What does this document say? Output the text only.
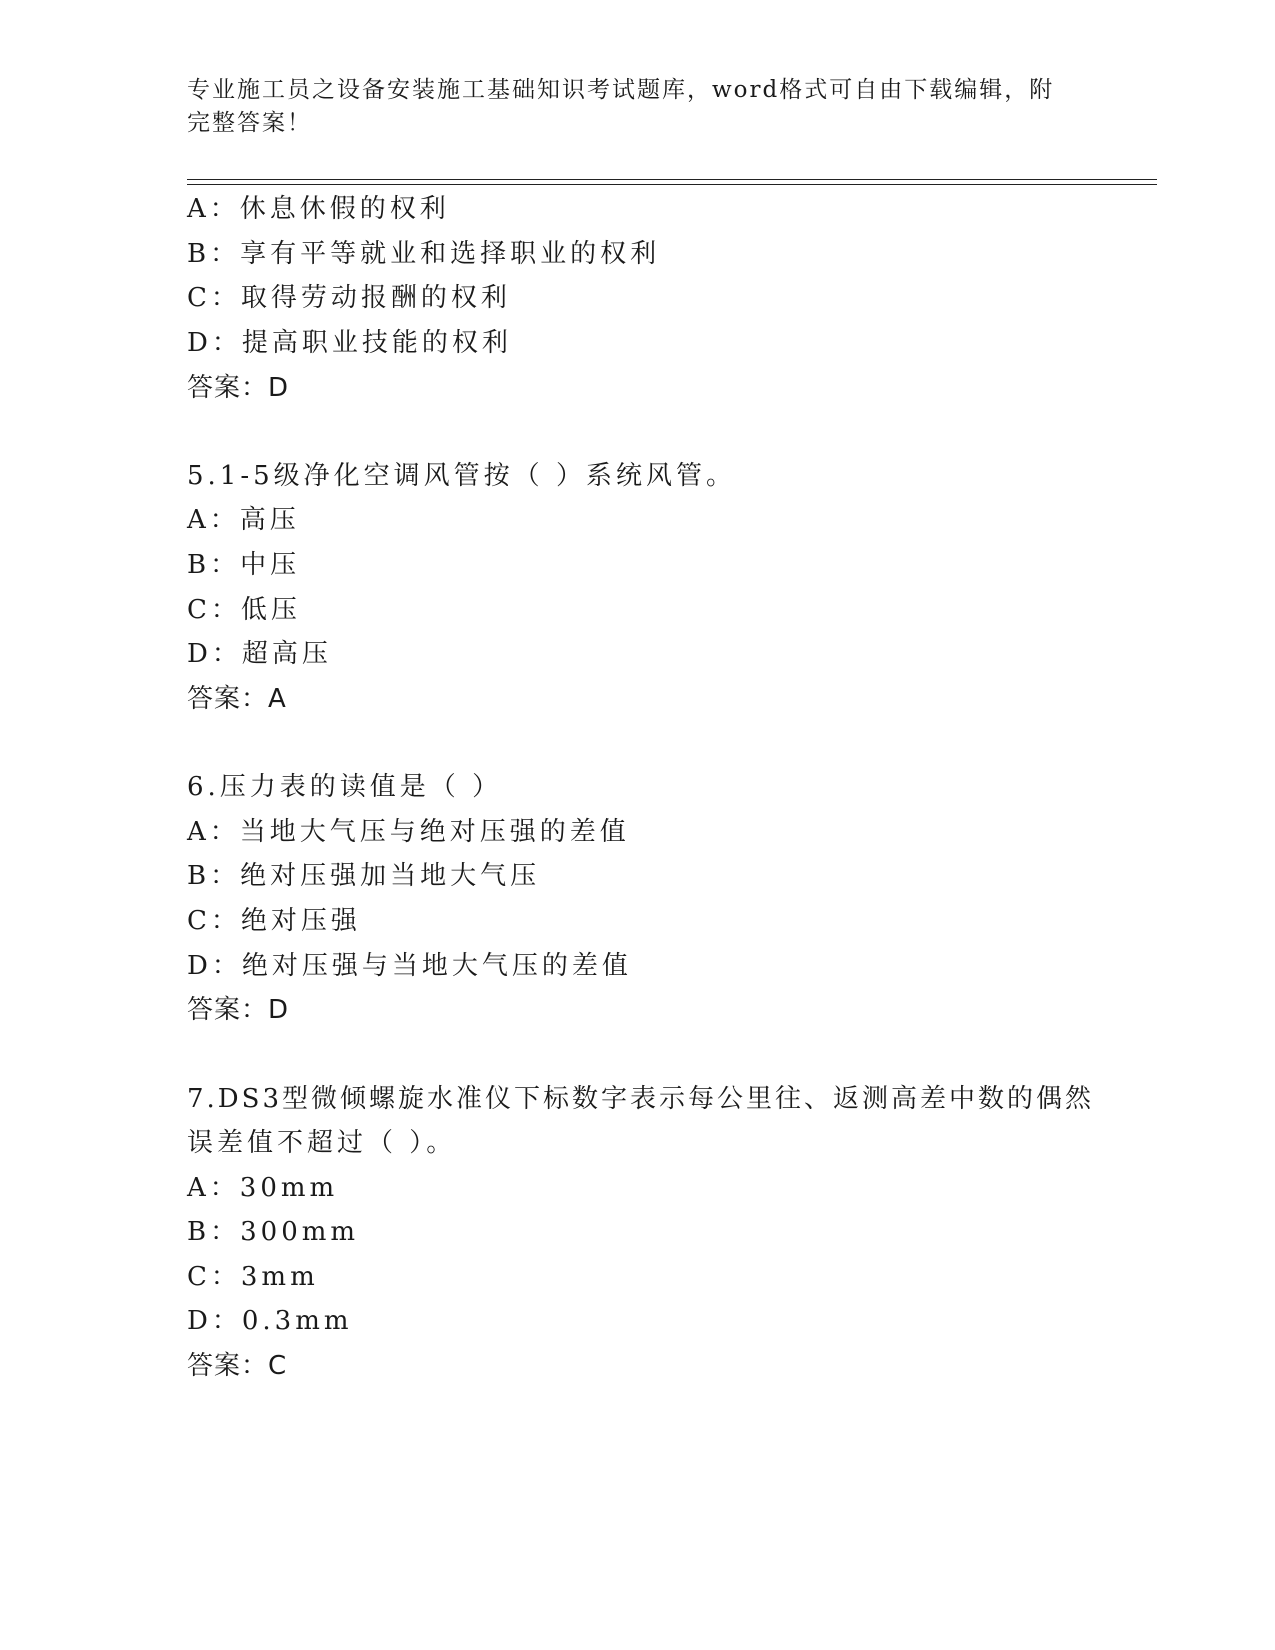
专业施工员之设备安装施工基础知识考试题库，word格式可自由下载编辑，附完整答案！
A：休息休假的权利
B：享有平等就业和选择职业的权利
C：取得劳动报酬的权利
D：提高职业技能的权利
答案：D
5.1-5级净化空调风管按（ ）系统风管。
A：高压
B：中压
C：低压
D：超高压
答案：A
6.压力表的读值是（ ）
A：当地大气压与绝对压强的差值
B：绝对压强加当地大气压
C：绝对压强
D：绝对压强与当地大气压的差值
答案：D
7.DS3型微倾螺旋水准仪下标数字表示每公里往、返测高差中数的偶然
误差值不超过（ ）。
A：30mm
B：300mm
C：3mm
D：0.3mm
答案：C
